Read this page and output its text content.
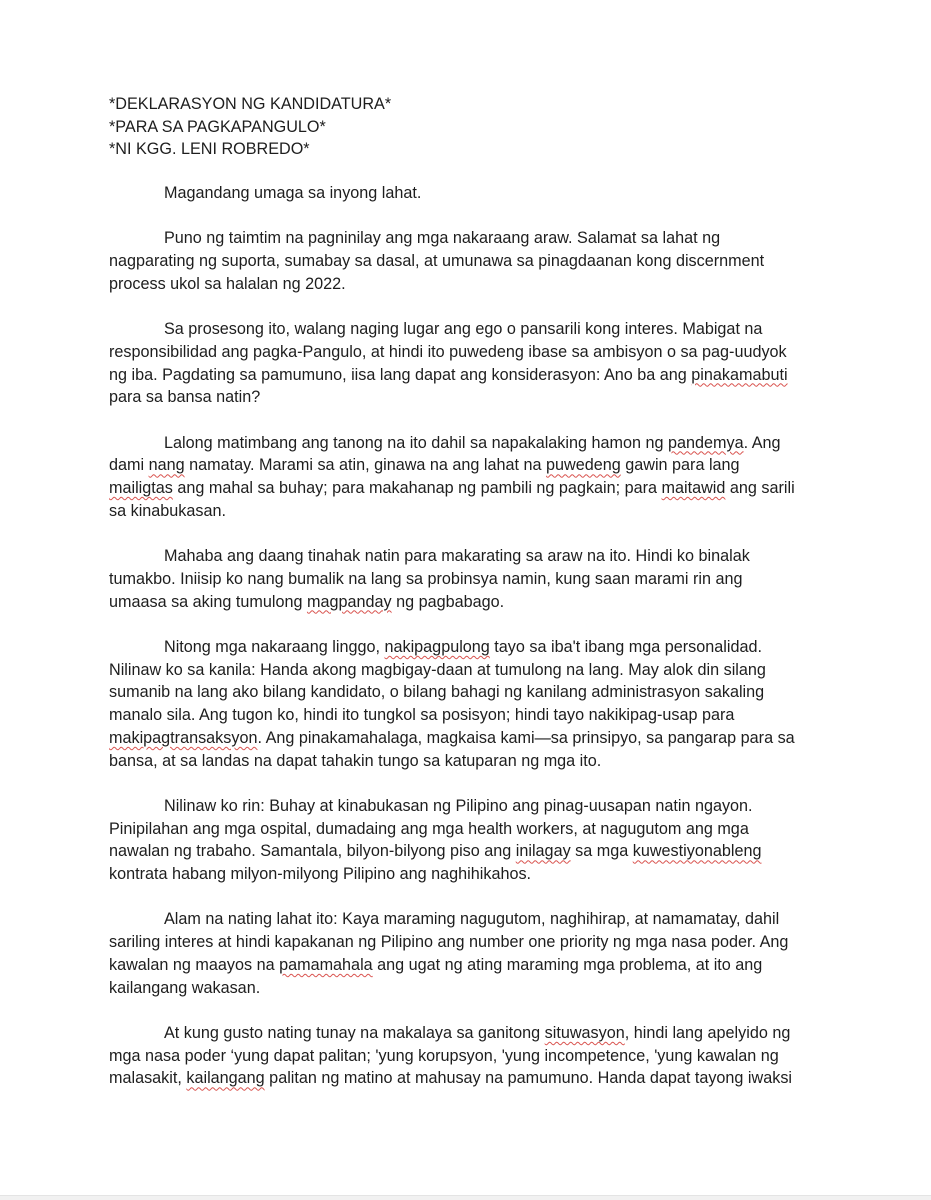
*DEKLARASYON NG KANDIDATURA*
*PARA SA PAGKAPANGULO*
*NI KGG. LENI ROBREDO*
Magandang umaga sa inyong lahat.
Puno ng taimtim na pagninilay ang mga nakaraang araw. Salamat sa lahat ng
nagparating ng suporta, sumabay sa dasal, at umunawa sa pinagdaanan kong discernment
process ukol sa halalan ng 2022.
Sa prosesong ito, walang naging lugar ang ego o pansarili kong interes. Mabigat na
responsibilidad ang pagka-Pangulo, at hindi ito puwedeng ibase sa ambisyon o sa pag-uudyok
ng iba. Pagdating sa pamumuno, iisa lang dapat ang konsiderasyon: Ano ba ang pinakamabuti
para sa bansa natin?
Lalong matimbang ang tanong na ito dahil sa napakalaking hamon ng pandemya. Ang
dami nang namatay. Marami sa atin, ginawa na ang lahat na puwedeng gawin para lang
mailigtas ang mahal sa buhay; para makahanap ng pambili ng pagkain; para maitawid ang sarili
sa kinabukasan.
Mahaba ang daang tinahak natin para makarating sa araw na ito. Hindi ko binalak
tumakbo. Iniisip ko nang bumalik na lang sa probinsya namin, kung saan marami rin ang
umaasa sa aking tumulong magpanday ng pagbabago.
Nitong mga nakaraang linggo, nakipagpulong tayo sa iba't ibang mga personalidad.
Nilinaw ko sa kanila: Handa akong magbigay-daan at tumulong na lang. May alok din silang
sumanib na lang ako bilang kandidato, o bilang bahagi ng kanilang administrasyon sakaling
manalo sila. Ang tugon ko, hindi ito tungkol sa posisyon; hindi tayo nakikipag-usap para
makipagtransaksyon. Ang pinakamahalaga, magkaisa kami—sa prinsipyo, sa pangarap para sa
bansa, at sa landas na dapat tahakin tungo sa katuparan ng mga ito.
Nilinaw ko rin: Buhay at kinabukasan ng Pilipino ang pinag-uusapan natin ngayon.
Pinipilahan ang mga ospital, dumadaing ang mga health workers, at nagugutom ang mga
nawalan ng trabaho. Samantala, bilyon-bilyong piso ang inilagay sa mga kuwestiyonableng
kontrata habang milyon-milyong Pilipino ang naghihikahos.
Alam na nating lahat ito: Kaya maraming nagugutom, naghihirap, at namamatay, dahil
sariling interes at hindi kapakanan ng Pilipino ang number one priority ng mga nasa poder. Ang
kawalan ng maayos na pamamahala ang ugat ng ating maraming mga problema, at ito ang
kailangang wakasan.
At kung gusto nating tunay na makalaya sa ganitong situwasyon, hindi lang apelyido ng
mga nasa poder ‘yung dapat palitan; 'yung korupsyon, 'yung incompetence, 'yung kawalan ng
malasakit, kailangang palitan ng matino at mahusay na pamumuno. Handa dapat tayong iwaksi
